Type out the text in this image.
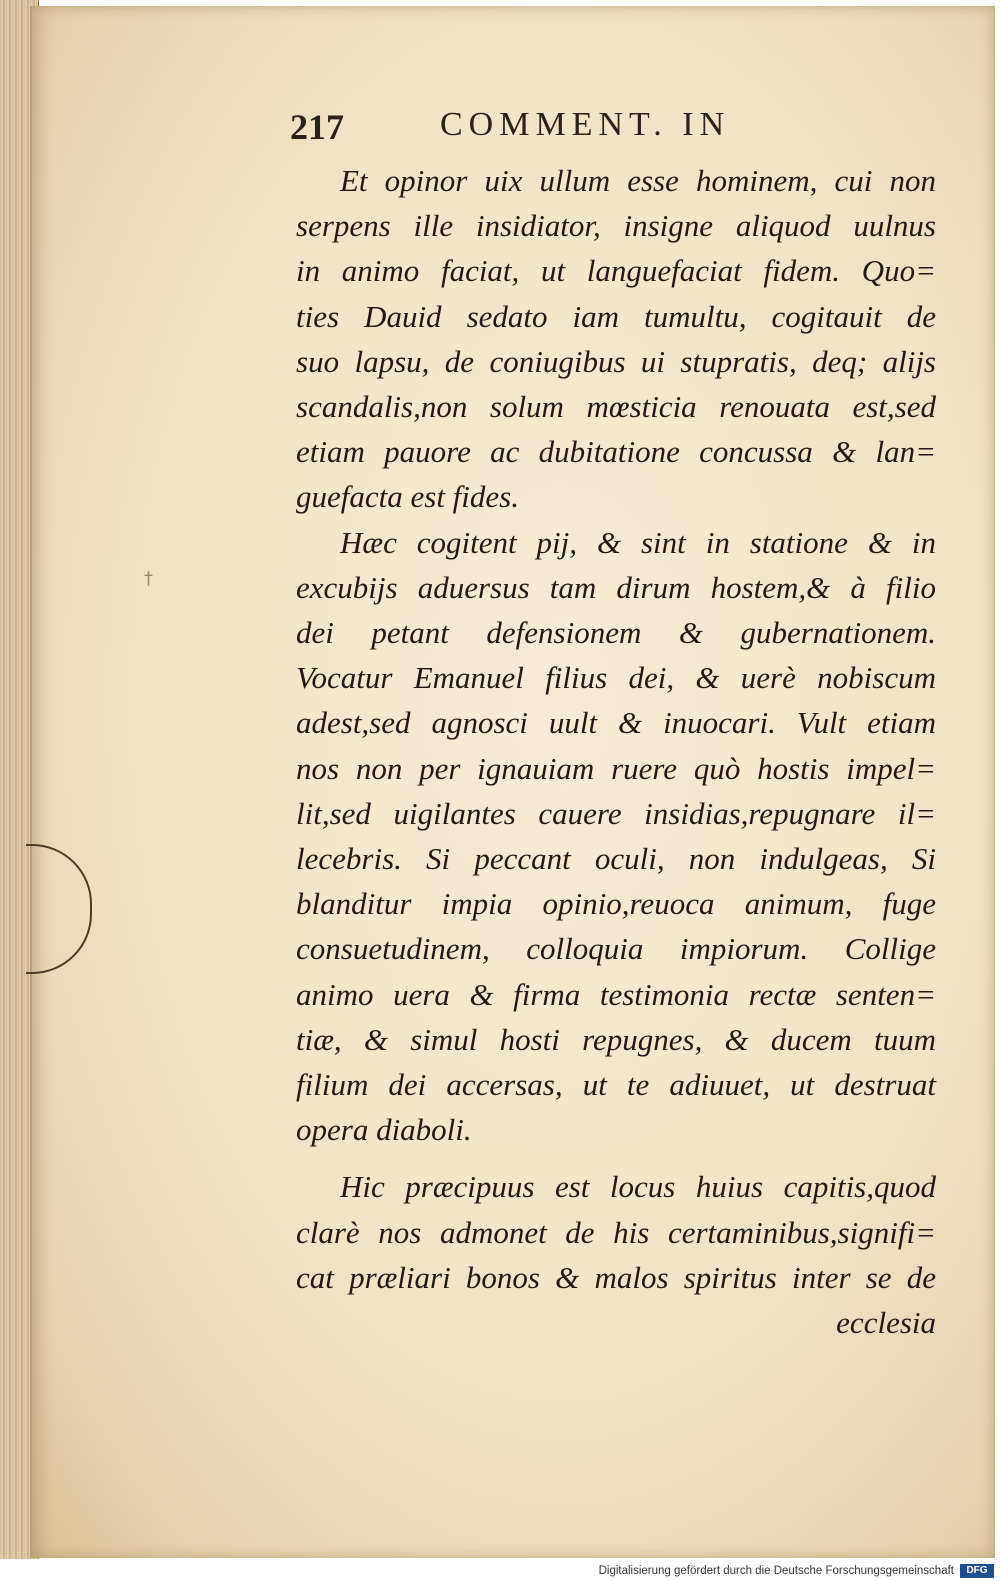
217	COMMENT. IN
†
Et opinor uix ullum esse hominem, cui non
serpens ille insidiator, insigne aliquod uulnus
in animo faciat, ut languefaciat fidem. Quo=
ties Dauid sedato iam tumultu, cogitauit de
suo lapsu, de coniugibus ui stupratis, deq; alijs
scandalis,non solum mœsticia renouata est,sed
etiam pauore ac dubitatione concussa & lan=
guefacta est fides.
Hæc cogitent pij, & sint in statione & in
excubijs aduersus tam dirum hostem,& à filio
dei petant defensionem & gubernationem.
Vocatur Emanuel filius dei, & uerè nobiscum
adest,sed agnosci uult & inuocari. Vult etiam
nos non per ignauiam ruere quò hostis impel=
lit,sed uigilantes cauere insidias,repugnare il=
lecebris. Si peccant oculi, non indulgeas, Si
blanditur impia opinio,reuoca animum, fuge
consuetudinem, colloquia impiorum. Collige
animo uera & firma testimonia rectæ senten=
tiæ, & simul hosti repugnes, & ducem tuum
filium dei accersas, ut te adiuuet, ut destruat
opera diaboli.
Hic præcipuus est locus huius capitis,quod
clarè nos admonet de his certaminibus,signifi=
cat præliari bonos & malos spiritus inter se de
ecclesia
Digitalisierung gefördert durch die Deutsche Forschungsgemeinschaft	DFG
